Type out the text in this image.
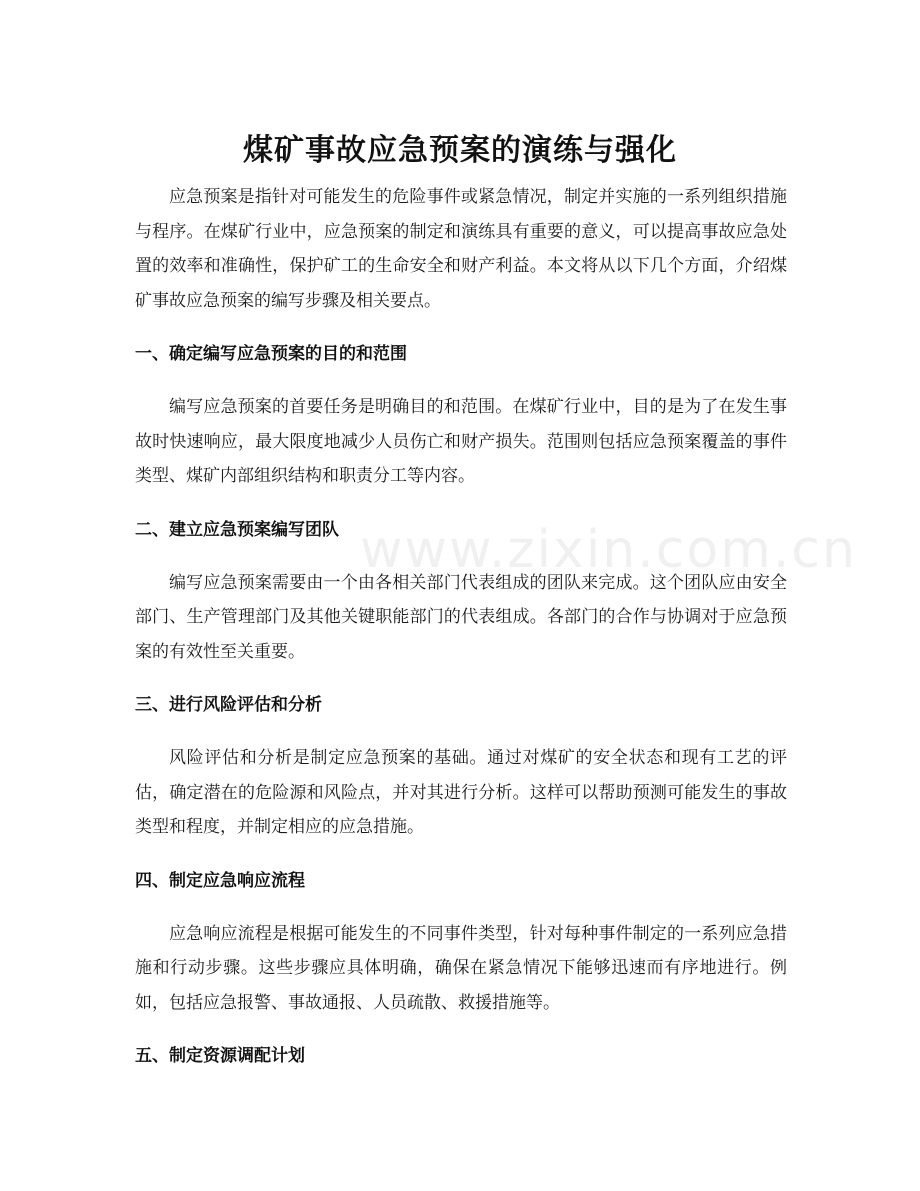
www.zixin.com.cn
煤矿事故应急预案的演练与强化

应急预案是指针对可能发生的危险事件或紧急情况，制定并实施的一系列组织措施与程序。在煤矿行业中，应急预案的制定和演练具有重要的意义，可以提高事故应急处置的效率和准确性，保护矿工的生命安全和财产利益。本文将从以下几个方面，介绍煤矿事故应急预案的编写步骤及相关要点。

一、确定编写应急预案的目的和范围

编写应急预案的首要任务是明确目的和范围。在煤矿行业中，目的是为了在发生事故时快速响应，最大限度地减少人员伤亡和财产损失。范围则包括应急预案覆盖的事件类型、煤矿内部组织结构和职责分工等内容。

二、建立应急预案编写团队

编写应急预案需要由一个由各相关部门代表组成的团队来完成。这个团队应由安全部门、生产管理部门及其他关键职能部门的代表组成。各部门的合作与协调对于应急预案的有效性至关重要。

三、进行风险评估和分析

风险评估和分析是制定应急预案的基础。通过对煤矿的安全状态和现有工艺的评估，确定潜在的危险源和风险点，并对其进行分析。这样可以帮助预测可能发生的事故类型和程度，并制定相应的应急措施。

四、制定应急响应流程

应急响应流程是根据可能发生的不同事件类型，针对每种事件制定的一系列应急措施和行动步骤。这些步骤应具体明确，确保在紧急情况下能够迅速而有序地进行。例如，包括应急报警、事故通报、人员疏散、救援措施等。

五、制定资源调配计划
